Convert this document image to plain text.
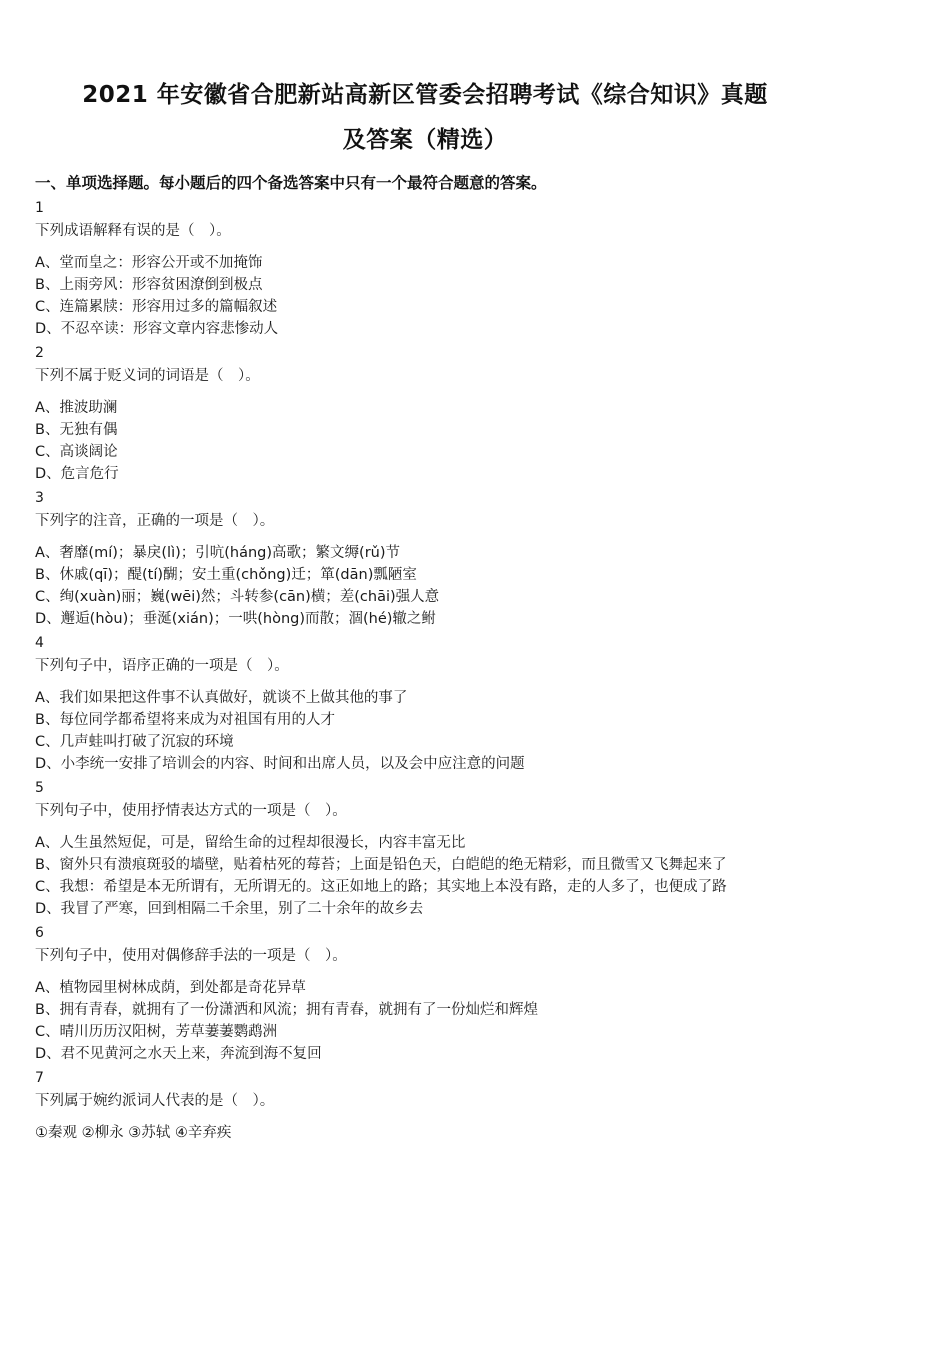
2021 年安徽省合肥新站高新区管委会招聘考试《综合知识》真题
及答案（精选）
一、单项选择题。每小题后的四个备选答案中只有一个最符合题意的答案。
1
下列成语解释有误的是（　）。
A、堂而皇之：形容公开或不加掩饰
B、上雨旁风：形容贫困潦倒到极点
C、连篇累牍：形容用过多的篇幅叙述
D、不忍卒读：形容文章内容悲惨动人
2
下列不属于贬义词的词语是（　）。
A、推波助澜
B、无独有偶
C、高谈阔论
D、危言危行
3
下列字的注音，正确的一项是（　）。
A、奢靡(mí)；暴戾(lì)；引吭(háng)高歌；繁文缛(rǔ)节
B、休戚(qī)；醍(tí)醐；安土重(chǒng)迁；箪(dān)瓢陋室
C、绚(xuàn)丽；巍(wēi)然；斗转参(cān)横；差(chāi)强人意
D、邂逅(hòu)；垂涎(xián)；一哄(hòng)而散；涸(hé)辙之鲋
4
下列句子中，语序正确的一项是（　）。
A、我们如果把这件事不认真做好，就谈不上做其他的事了
B、每位同学都希望将来成为对祖国有用的人才
C、几声蛙叫打破了沉寂的环境
D、小李统一安排了培训会的内容、时间和出席人员，以及会中应注意的问题
5
下列句子中，使用抒情表达方式的一项是（　）。
A、人生虽然短促，可是，留给生命的过程却很漫长，内容丰富无比
B、窗外只有溃痕斑驳的墙壁，贴着枯死的莓苔；上面是铅色天，白皑皑的绝无精彩，而且微雪又飞舞起来了
C、我想：希望是本无所谓有，无所谓无的。这正如地上的路；其实地上本没有路，走的人多了，也便成了路
D、我冒了严寒，回到相隔二千余里，别了二十余年的故乡去
6
下列句子中，使用对偶修辞手法的一项是（　）。
A、植物园里树林成荫，到处都是奇花异草
B、拥有青春，就拥有了一份潇洒和风流；拥有青春，就拥有了一份灿烂和辉煌
C、晴川历历汉阳树，芳草萋萋鹦鹉洲
D、君不见黄河之水天上来，奔流到海不复回
7
下列属于婉约派词人代表的是（　）。
①秦观 ②柳永 ③苏轼 ④辛弃疾
